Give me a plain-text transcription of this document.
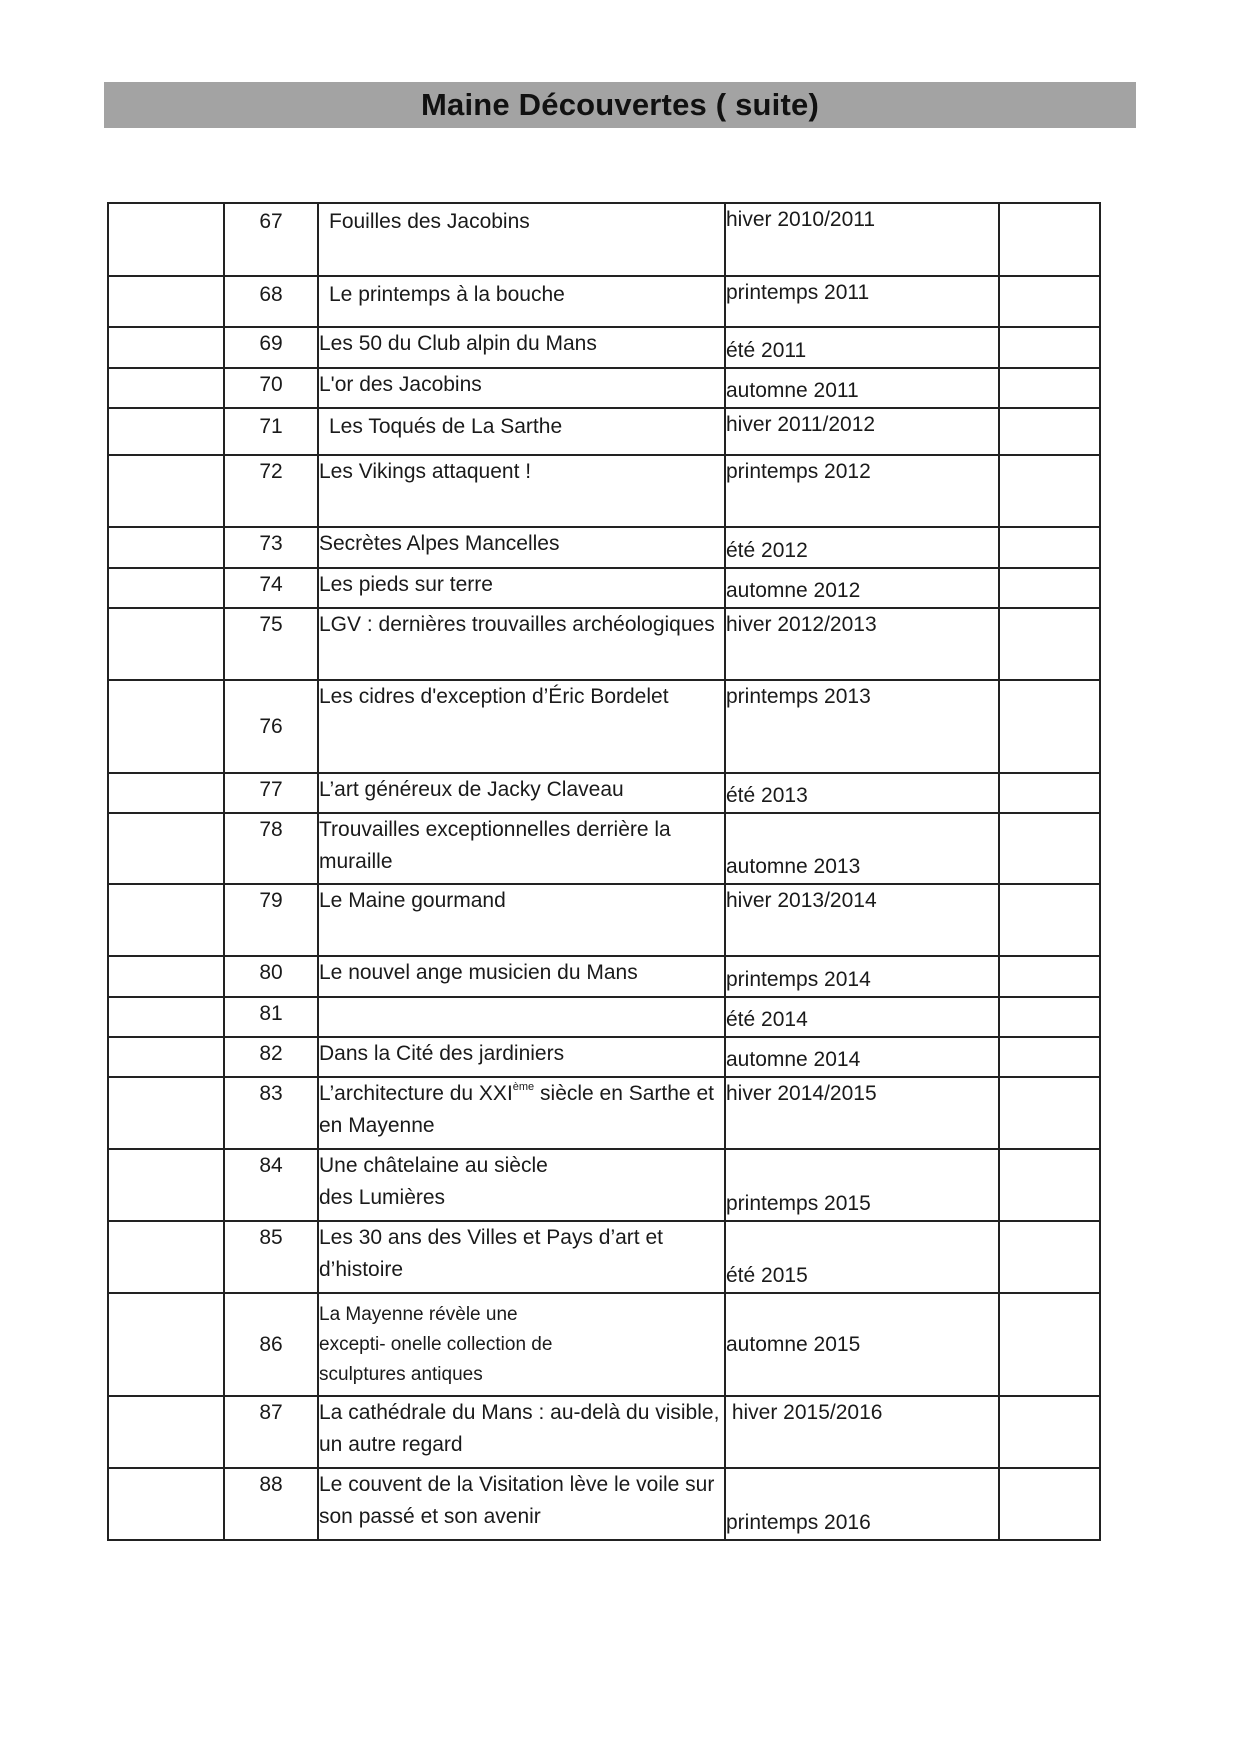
Maine Découvertes ( suite)
	67	Fouilles des Jacobins	hiver 2010/2011	
	68	Le printemps à la bouche	printemps 2011	
	69	Les 50 du Club alpin du Mans	été 2011	
	70	L'or des Jacobins	automne 2011	
	71	Les Toqués de La Sarthe	hiver 2011/2012	
	72	Les Vikings attaquent !	printemps 2012	
	73	Secrètes Alpes Mancelles	été 2012	
	74	Les pieds sur terre	automne 2012	
	75	LGV : dernières trouvailles archéologiques	hiver 2012/2013	
	76	Les cidres d'exception d’Éric Bordelet	printemps 2013	
	77	L’art généreux de Jacky Claveau	été 2013	
	78	Trouvailles exceptionnelles derrière la muraille	automne 2013	
	79	Le Maine gourmand	hiver 2013/2014	
	80	Le nouvel ange musicien du Mans	printemps 2014	
	81		été 2014	
	82	Dans la Cité des jardiniers	automne 2014	
	83	L’architecture du XXIème siècle en Sarthe et en Mayenne	hiver 2014/2015	
	84	Une châtelaine au siècle
des Lumières	printemps 2015	
	85	Les 30 ans des Villes et Pays d’art et d’histoire	été 2015	
	86	La Mayenne révèle une
excepti- onelle collection de
sculptures antiques	automne 2015	
	87	La cathédrale du Mans : au-delà du visible, un autre regard	hiver 2015/2016	
	88	Le couvent de la Visitation lève le voile sur son passé et son avenir	printemps 2016	
